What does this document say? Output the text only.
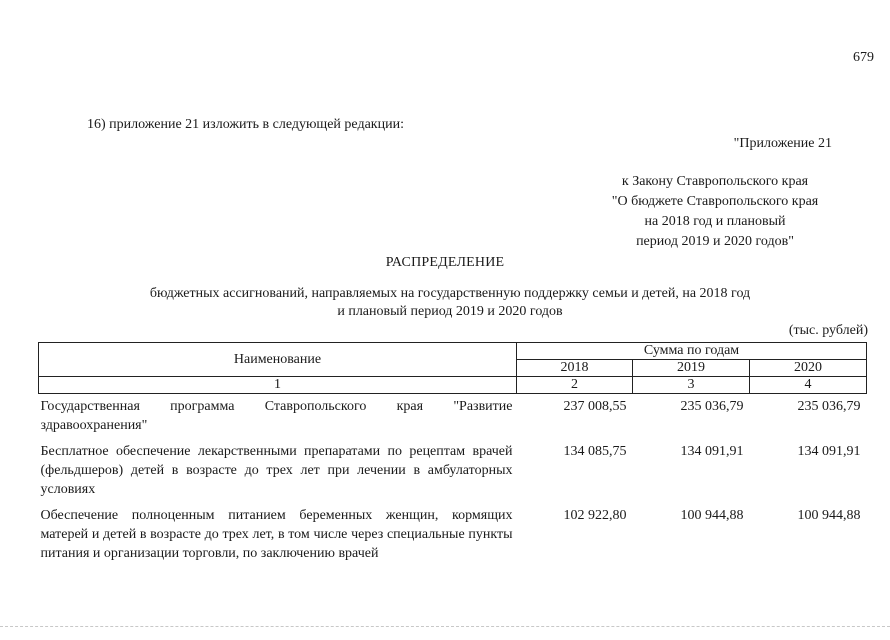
679
16) приложение 21 изложить в следующей редакции:
"Приложение 21
к Закону Ставропольского края
"О бюджете Ставропольского края
на 2018 год и плановый
период 2019 и 2020 годов"
РАСПРЕДЕЛЕНИЕ
бюджетных ассигнований, направляемых на государственную поддержку семьи и детей, на 2018 год
и плановый период 2019 и 2020 годов
(тыс. рублей)
Наименование	Сумма по годам		
	2018	2019	2020
1	2	3	4
Государственная программа Ставропольского края "Развитие здравоохранения"	237 008,55	235 036,79	235 036,79
Бесплатное обеспечение лекарственными препаратами по рецептам врачей (фельдшеров) детей в возрасте до трех лет при лечении в амбулаторных условиях	134 085,75	134 091,91	134 091,91
Обеспечение полноценным питанием беременных женщин, кормящих матерей и детей в возрасте до трех лет, в том числе через специальные пункты питания и организации торговли, по заключению врачей	102 922,80	100 944,88	100 944,88
